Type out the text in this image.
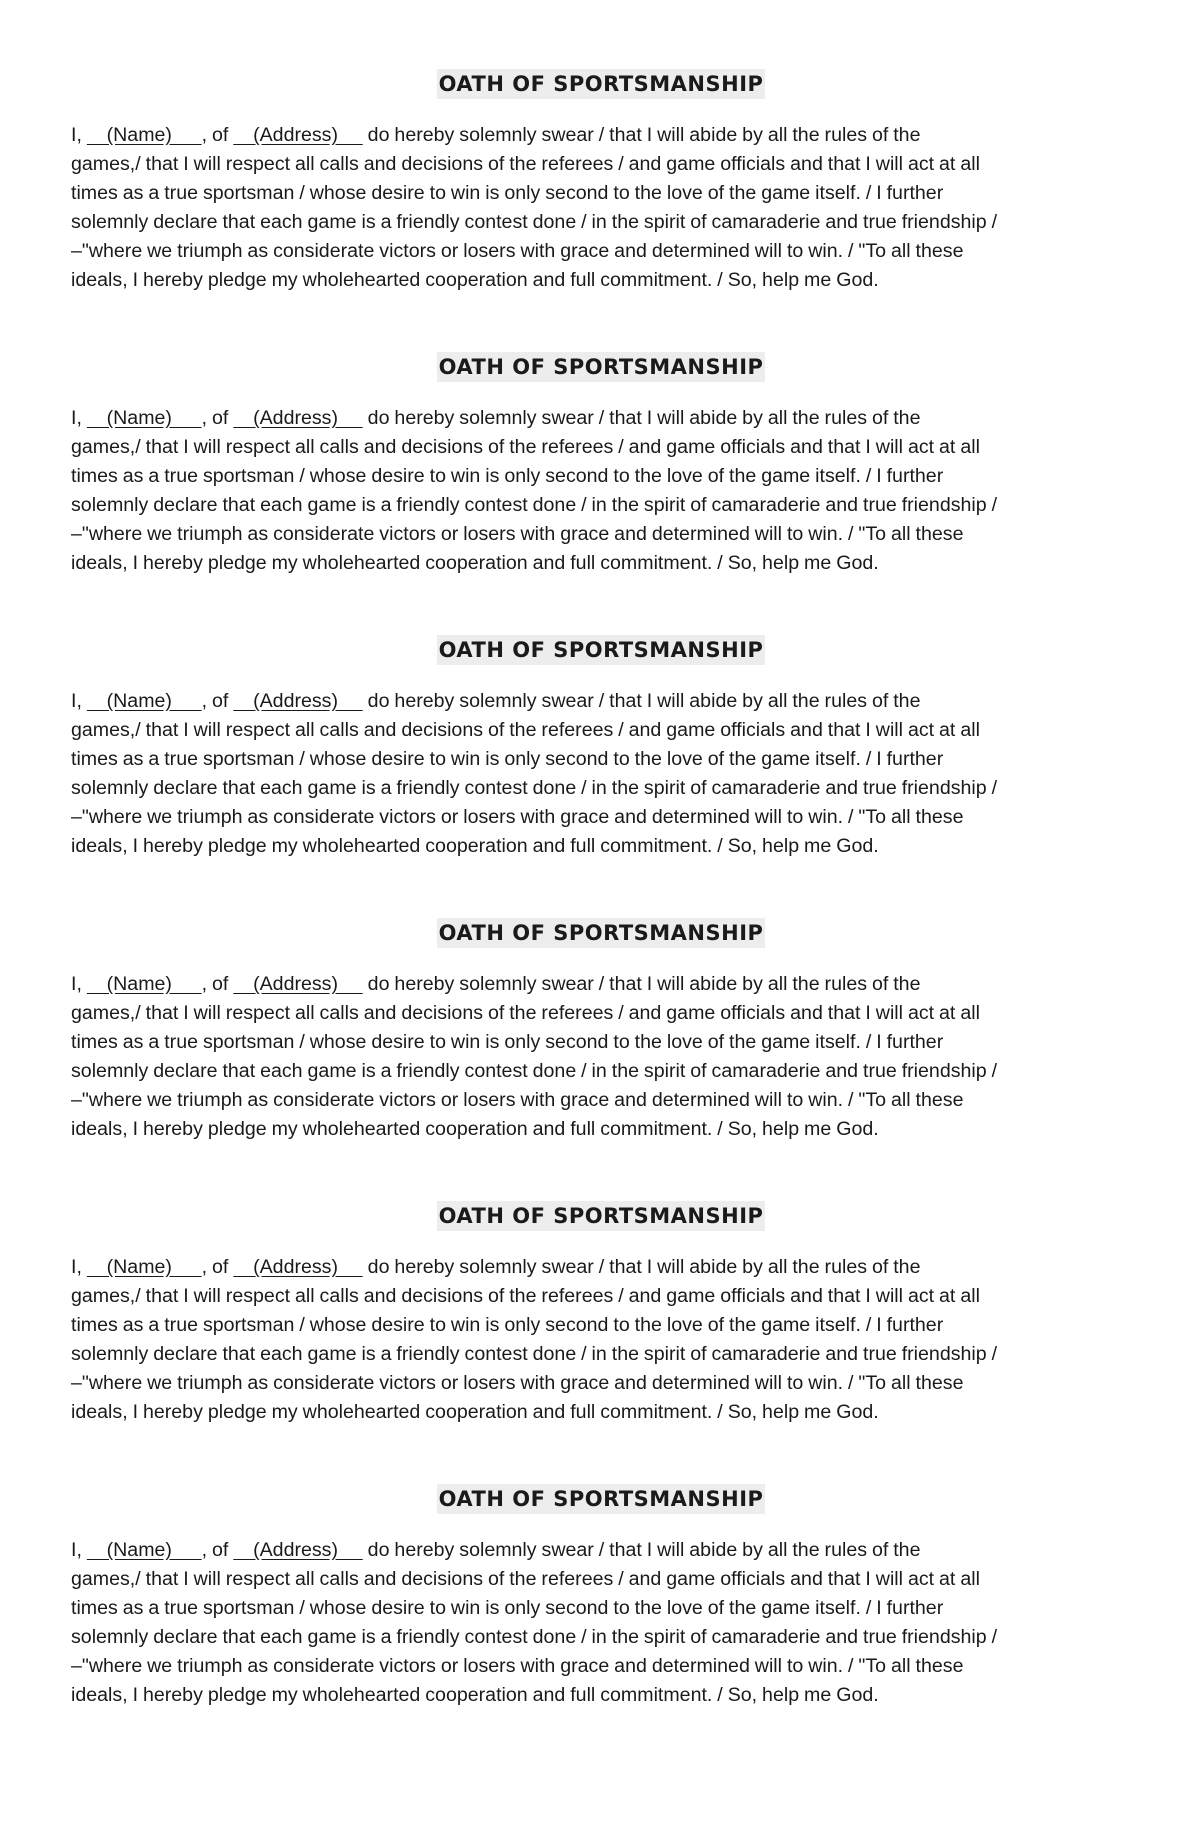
OATH OF SPORTSMANSHIP

I,     (Name)      , of     (Address)      do hereby solemnly swear / that I will abide by all the rules of the
games,/ that I will respect all calls and decisions of the referees / and game officials and that I will act at all
times as a true sportsman / whose desire to win is only second to the love of the game itself. / I further
solemnly declare that each game is a friendly contest done / in the spirit of camaraderie and true friendship /
–"where we triumph as considerate victors or losers with grace and determined will to win. / "To all these
ideals, I hereby pledge my wholehearted cooperation and full commitment. / So, help me God.

OATH OF SPORTSMANSHIP

I,     (Name)      , of     (Address)      do hereby solemnly swear / that I will abide by all the rules of the
games,/ that I will respect all calls and decisions of the referees / and game officials and that I will act at all
times as a true sportsman / whose desire to win is only second to the love of the game itself. / I further
solemnly declare that each game is a friendly contest done / in the spirit of camaraderie and true friendship /
–"where we triumph as considerate victors or losers with grace and determined will to win. / "To all these
ideals, I hereby pledge my wholehearted cooperation and full commitment. / So, help me God.

OATH OF SPORTSMANSHIP

I,     (Name)      , of     (Address)      do hereby solemnly swear / that I will abide by all the rules of the
games,/ that I will respect all calls and decisions of the referees / and game officials and that I will act at all
times as a true sportsman / whose desire to win is only second to the love of the game itself. / I further
solemnly declare that each game is a friendly contest done / in the spirit of camaraderie and true friendship /
–"where we triumph as considerate victors or losers with grace and determined will to win. / "To all these
ideals, I hereby pledge my wholehearted cooperation and full commitment. / So, help me God.

OATH OF SPORTSMANSHIP

I,     (Name)      , of     (Address)      do hereby solemnly swear / that I will abide by all the rules of the
games,/ that I will respect all calls and decisions of the referees / and game officials and that I will act at all
times as a true sportsman / whose desire to win is only second to the love of the game itself. / I further
solemnly declare that each game is a friendly contest done / in the spirit of camaraderie and true friendship /
–"where we triumph as considerate victors or losers with grace and determined will to win. / "To all these
ideals, I hereby pledge my wholehearted cooperation and full commitment. / So, help me God.

OATH OF SPORTSMANSHIP

I,     (Name)      , of     (Address)      do hereby solemnly swear / that I will abide by all the rules of the
games,/ that I will respect all calls and decisions of the referees / and game officials and that I will act at all
times as a true sportsman / whose desire to win is only second to the love of the game itself. / I further
solemnly declare that each game is a friendly contest done / in the spirit of camaraderie and true friendship /
–"where we triumph as considerate victors or losers with grace and determined will to win. / "To all these
ideals, I hereby pledge my wholehearted cooperation and full commitment. / So, help me God.

OATH OF SPORTSMANSHIP

I,     (Name)      , of     (Address)      do hereby solemnly swear / that I will abide by all the rules of the
games,/ that I will respect all calls and decisions of the referees / and game officials and that I will act at all
times as a true sportsman / whose desire to win is only second to the love of the game itself. / I further
solemnly declare that each game is a friendly contest done / in the spirit of camaraderie and true friendship /
–"where we triumph as considerate victors or losers with grace and determined will to win. / "To all these
ideals, I hereby pledge my wholehearted cooperation and full commitment. / So, help me God.
